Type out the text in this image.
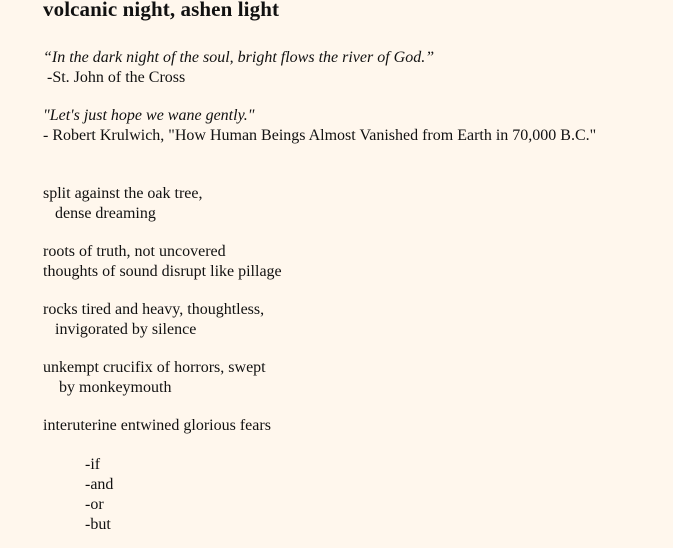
volcanic night, ashen light
“In the dark night of the soul, bright flows the river of God.”
-St. John of the Cross
"Let's just hope we wane gently."
- Robert Krulwich, "How Human Beings Almost Vanished from Earth in 70,000 B.C."
split against the oak tree,
dense dreaming
roots of truth, not uncovered
thoughts of sound disrupt like pillage
rocks tired and heavy, thoughtless,
invigorated by silence
unkempt crucifix of horrors, swept
by monkeymouth
interuterine entwined glorious fears
-if
-and
-or
-but
